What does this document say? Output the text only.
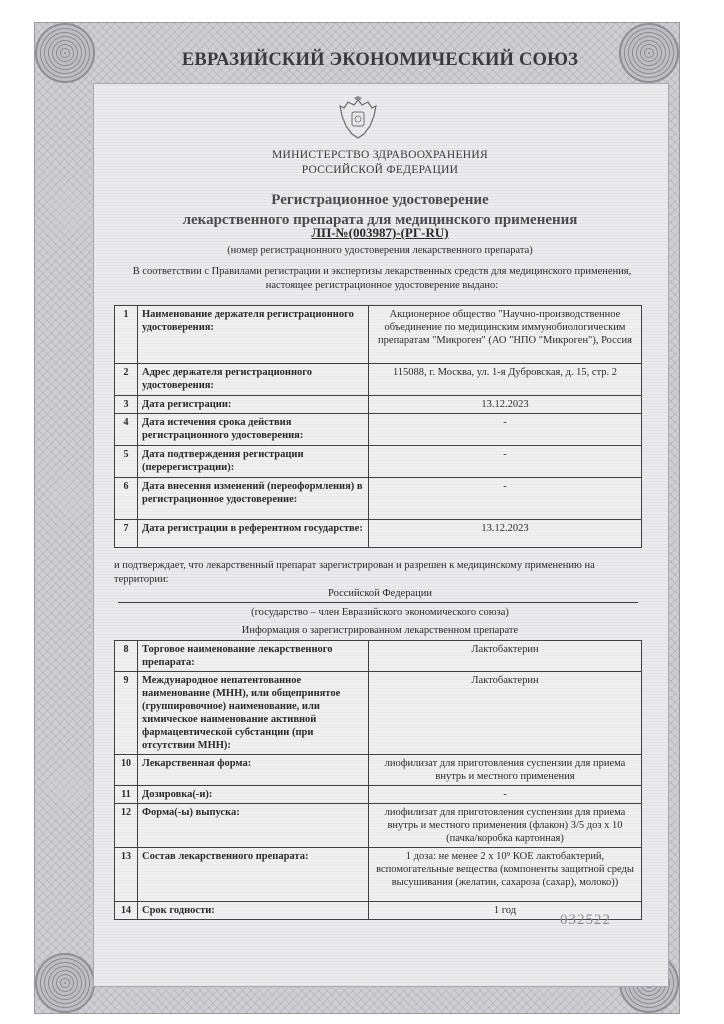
ЕВРАЗИЙСКИЙ ЭКОНОМИЧЕСКИЙ СОЮЗ
МИНИСТЕРСТВО ЗДРАВООХРАНЕНИЯ
РОССИЙСКОЙ ФЕДЕРАЦИИ
Регистрационное удостоверение
лекарственного препарата для медицинского применения
ЛП-№(003987)-(РГ-RU)
(номер регистрационного удостоверения лекарственного препарата)
В соответствии с Правилами регистрации и экспертизы лекарственных средств для медицинского применения, настоящее регистрационное удостоверение выдано:
1	Наименование держателя регистрационного удостоверения:	Акционерное общество "Научно-производственное объединение по медицинским иммунобиологическим препаратам "Микроген" (АО "НПО "Микроген"), Россия
2	Адрес держателя регистрационного удостоверения:	115088, г. Москва, ул. 1-я Дубровская, д. 15, стр. 2
3	Дата регистрации:	13.12.2023
4	Дата истечения срока действия регистрационного удостоверения:	-
5	Дата подтверждения регистрации (перерегистрации):	-
6	Дата внесения изменений (переоформления) в регистрационное удостоверение:	-
7	Дата регистрации в референтном государстве:	13.12.2023
и подтверждает, что лекарственный препарат зарегистрирован и разрешен к медицинскому применению на территории:
Российской Федерации
(государство – член Евразийского экономического союза)
Информация о зарегистрированном лекарственном препарате
8	Торговое наименование лекарственного препарата:	Лактобактерин
9	Международное непатентованное наименование (МНН), или общепринятое (группировочное) наименование, или химическое наименование активной фармацевтической субстанции (при отсутствии МНН):	Лактобактерин
10	Лекарственная форма:	лиофилизат для приготовления суспензии для приема внутрь и местного применения
11	Дозировка(-и):	-
12	Форма(-ы) выпуска:	лиофилизат для приготовления суспензии для приема внутрь и местного применения (флакон) 3/5 доз x 10 (пачка/коробка картонная)
13	Состав лекарственного препарата:	1 доза: не менее 2 x 10⁹ КОЕ лактобактерий, вспомогательные вещества (компоненты защитной среды высушивания (желатин, сахароза (сахар), молоко))
14	Срок годности:	1 год
032522
